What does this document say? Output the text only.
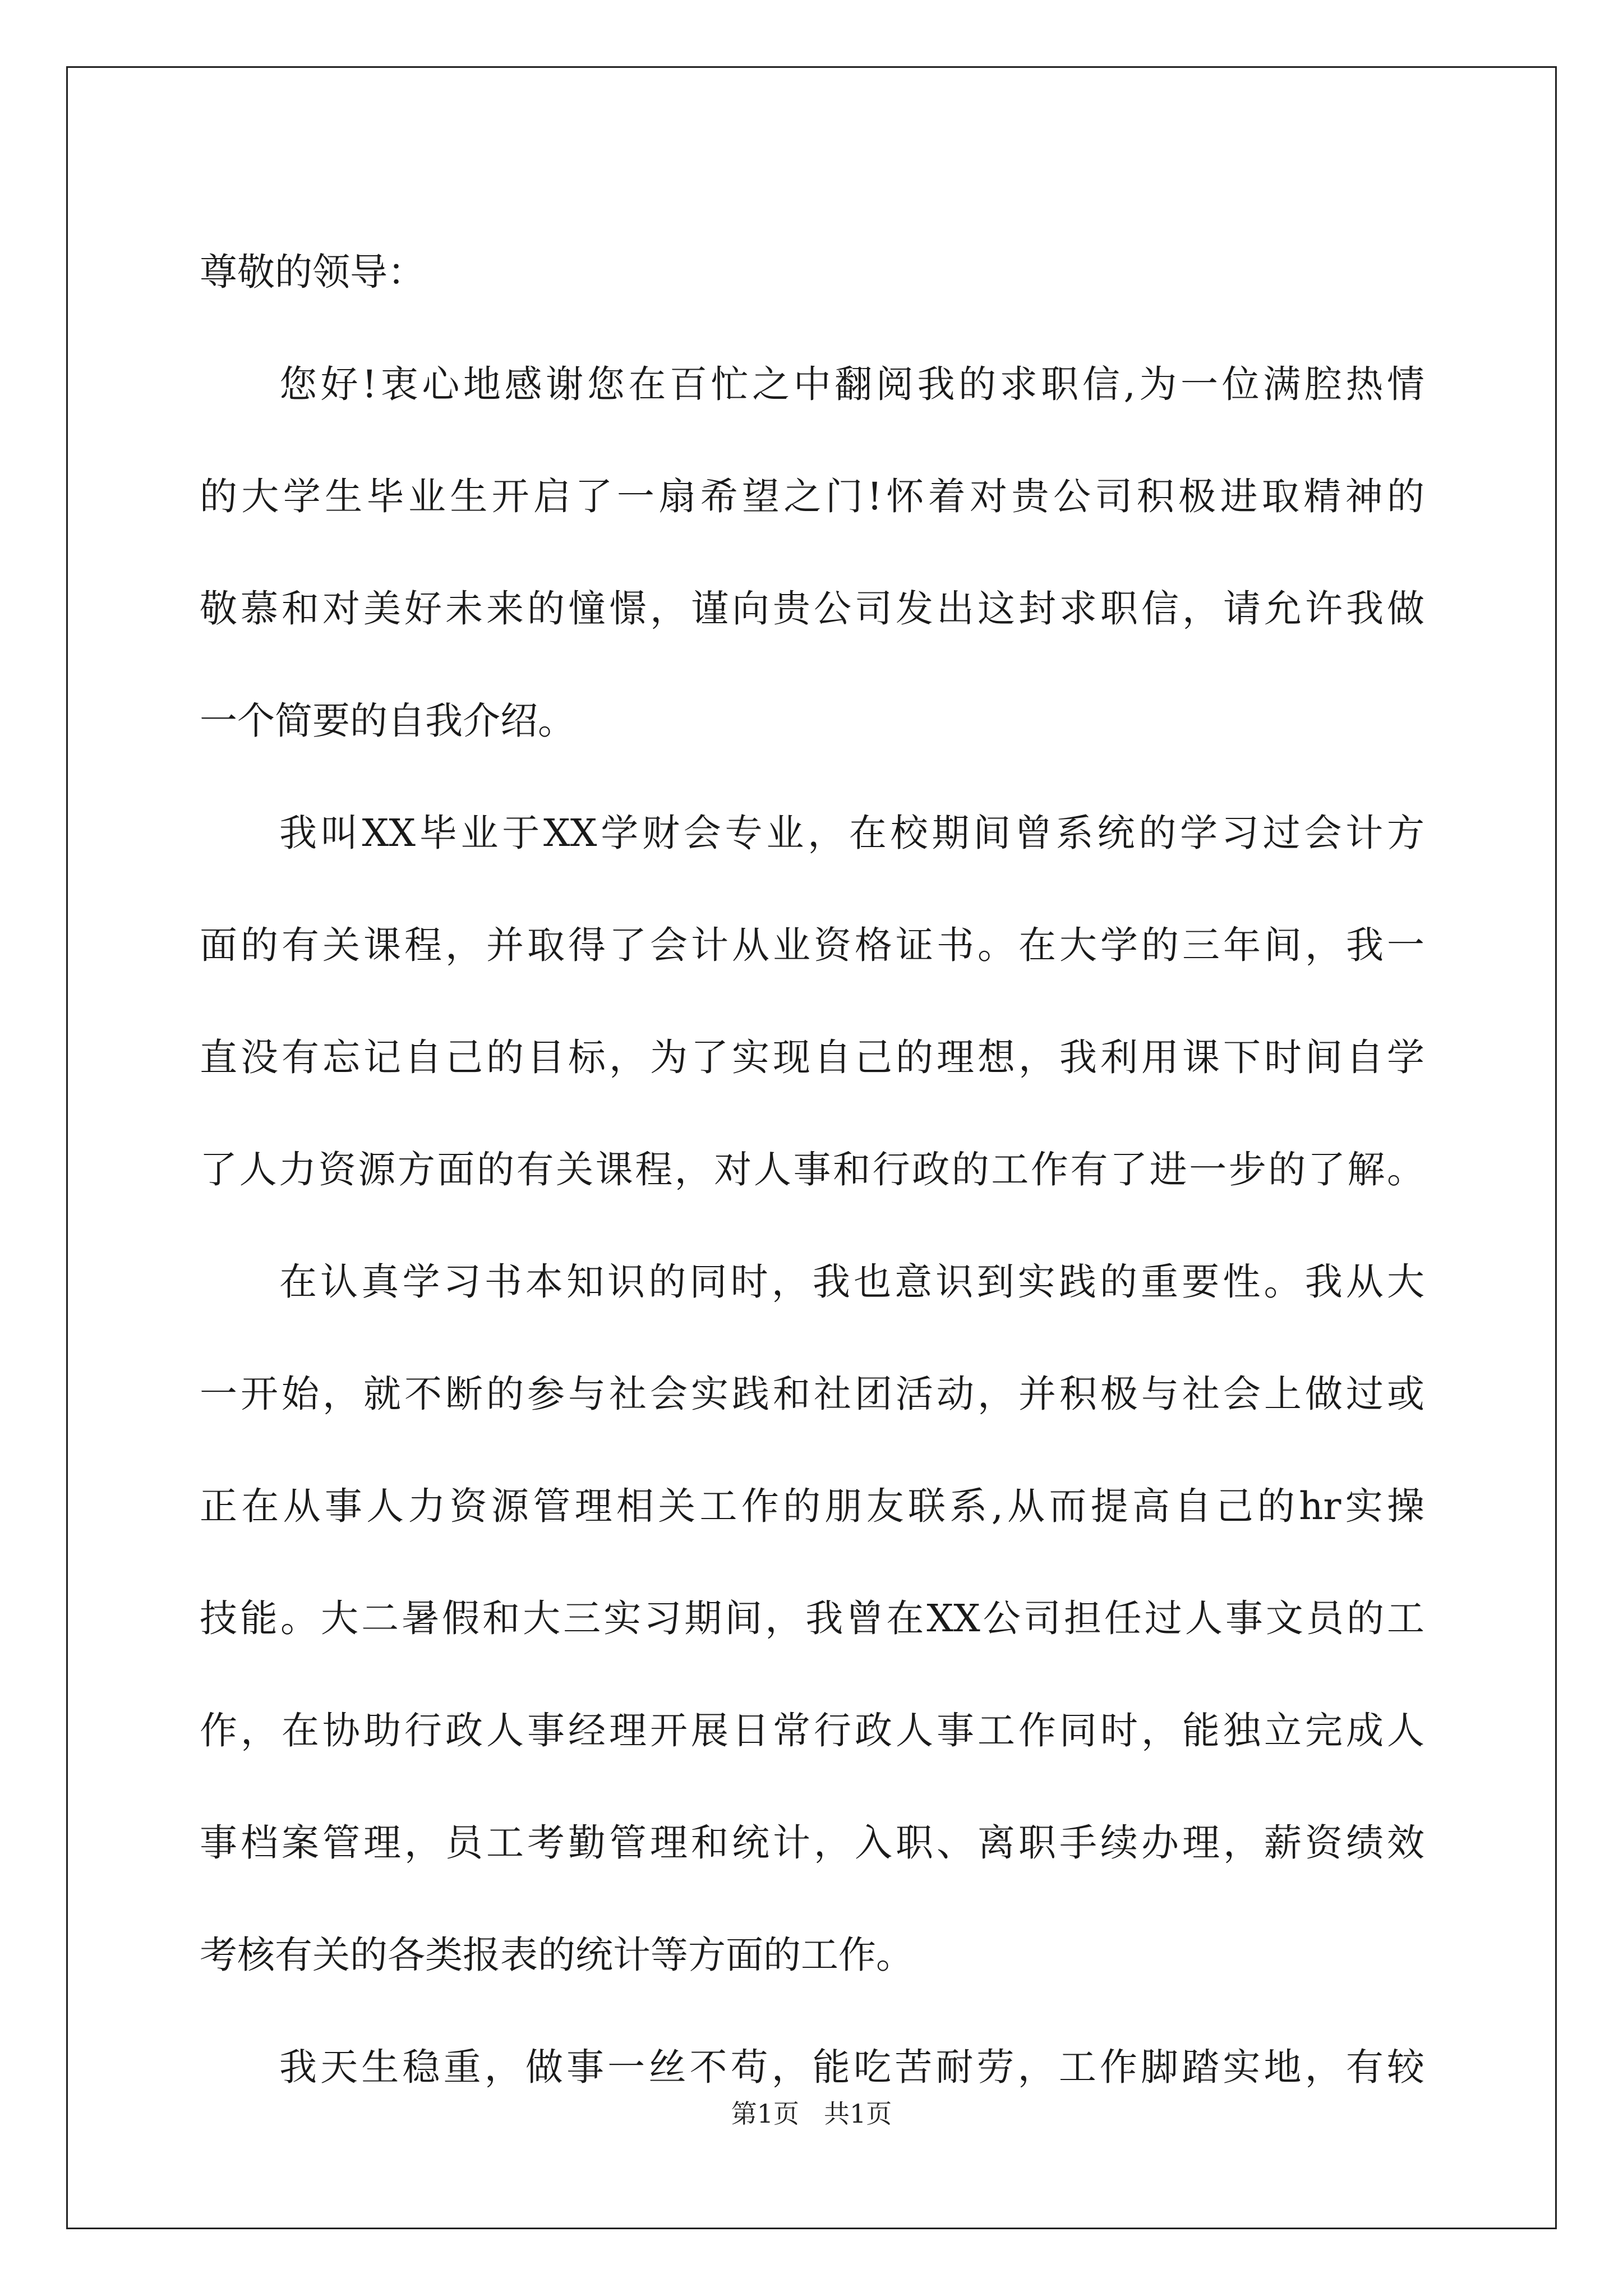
尊敬的领导：

您好!衷心地感谢您在百忙之中翻阅我的求职信,为一位满腔热情
的大学生毕业生开启了一扇希望之门!怀着对贵公司积极进取精神的
敬慕和对美好未来的憧憬，谨向贵公司发出这封求职信，请允许我做
一个简要的自我介绍。

我叫XX毕业于XX学财会专业，在校期间曾系统的学习过会计方
面的有关课程，并取得了会计从业资格证书。在大学的三年间，我一
直没有忘记自己的目标，为了实现自己的理想，我利用课下时间自学
了人力资源方面的有关课程，对人事和行政的工作有了进一步的了解。

在认真学习书本知识的同时，我也意识到实践的重要性。我从大
一开始，就不断的参与社会实践和社团活动，并积极与社会上做过或
正在从事人力资源管理相关工作的朋友联系,从而提高自己的hr实操
技能。大二暑假和大三实习期间，我曾在XX公司担任过人事文员的工
作，在协助行政人事经理开展日常行政人事工作同时，能独立完成人
事档案管理，员工考勤管理和统计，入职、离职手续办理，薪资绩效
考核有关的各类报表的统计等方面的工作。

我天生稳重，做事一丝不苟，能吃苦耐劳，工作脚踏实地，有较

第1页 共1页
